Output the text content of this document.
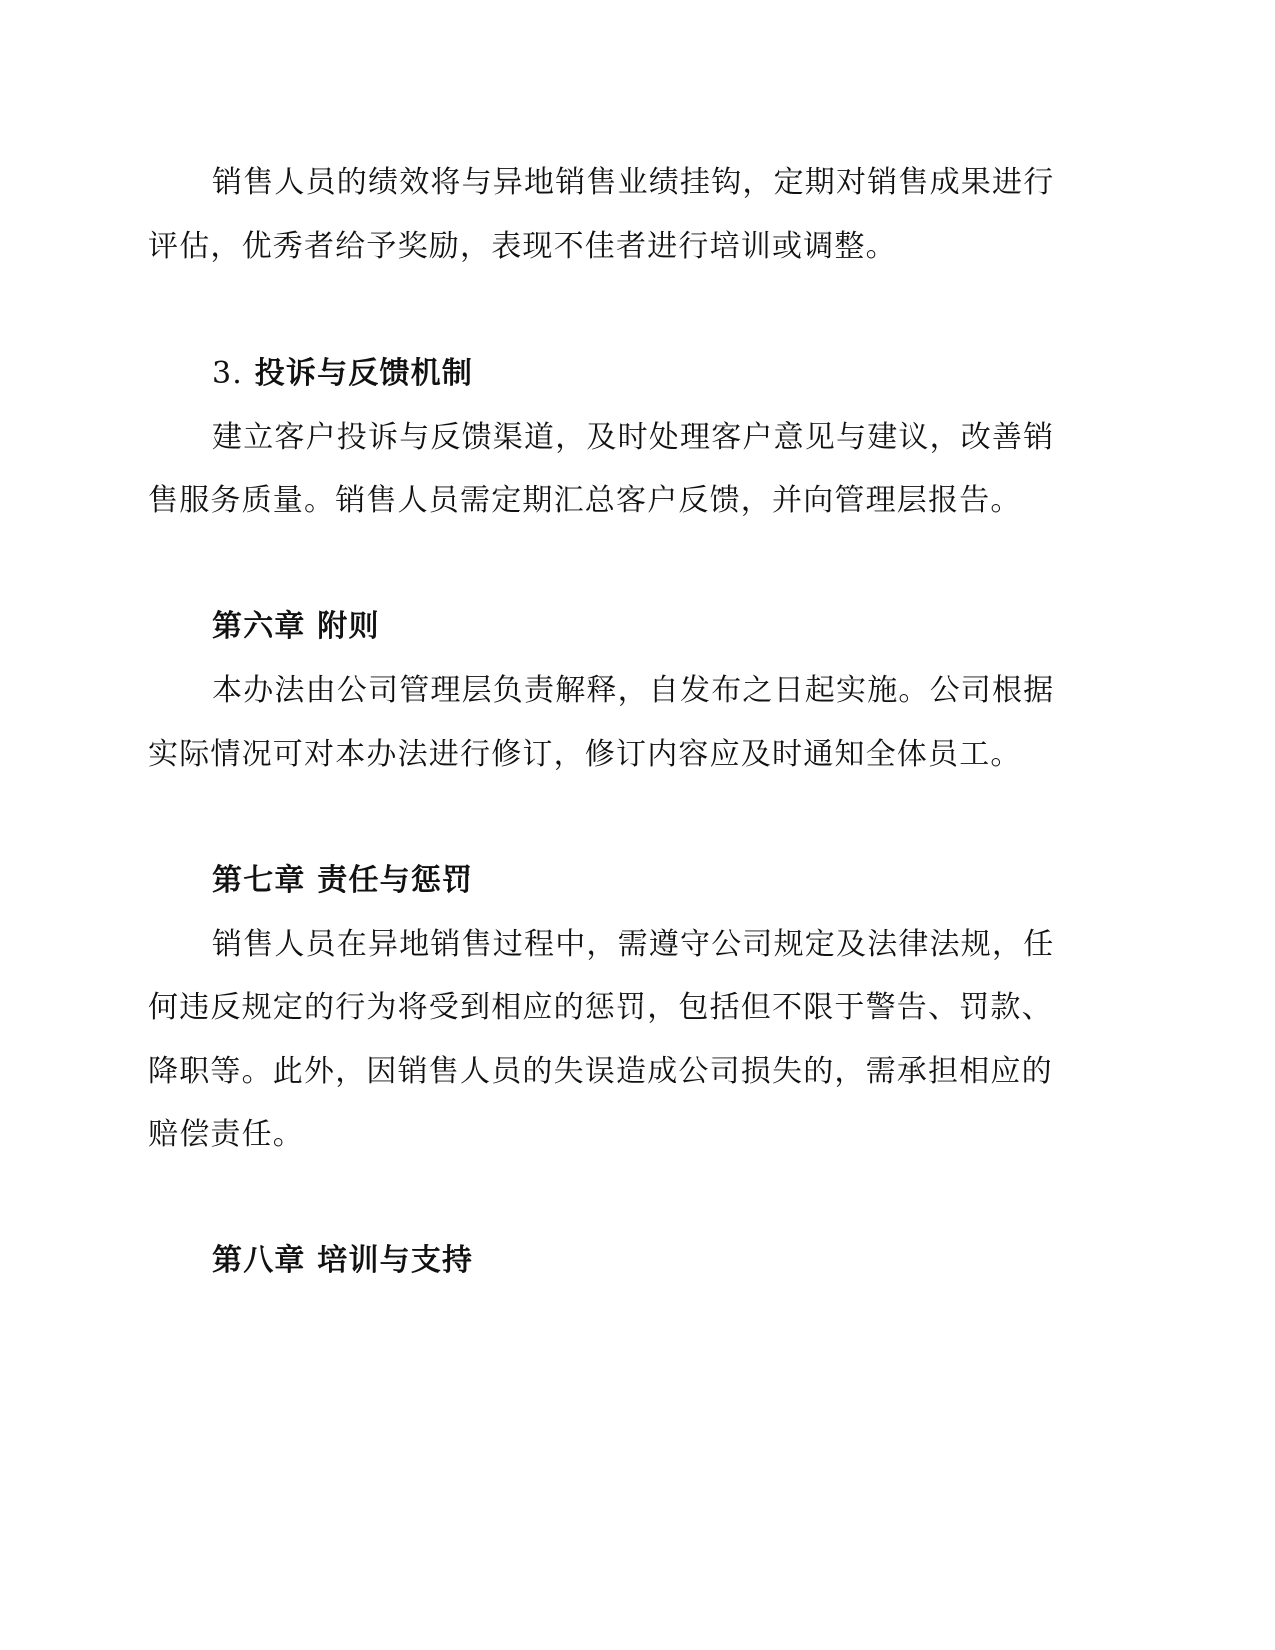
销售人员的绩效将与异地销售业绩挂钩，定期对销售成果进行
评估，优秀者给予奖励，表现不佳者进行培训或调整。
3. 投诉与反馈机制
建立客户投诉与反馈渠道，及时处理客户意见与建议，改善销
售服务质量。销售人员需定期汇总客户反馈，并向管理层报告。
第六章 附则
本办法由公司管理层负责解释，自发布之日起实施。公司根据
实际情况可对本办法进行修订，修订内容应及时通知全体员工。
第七章 责任与惩罚
销售人员在异地销售过程中，需遵守公司规定及法律法规，任
何违反规定的行为将受到相应的惩罚，包括但不限于警告、罚款、
降职等。此外，因销售人员的失误造成公司损失的，需承担相应的
赔偿责任。
第八章 培训与支持
